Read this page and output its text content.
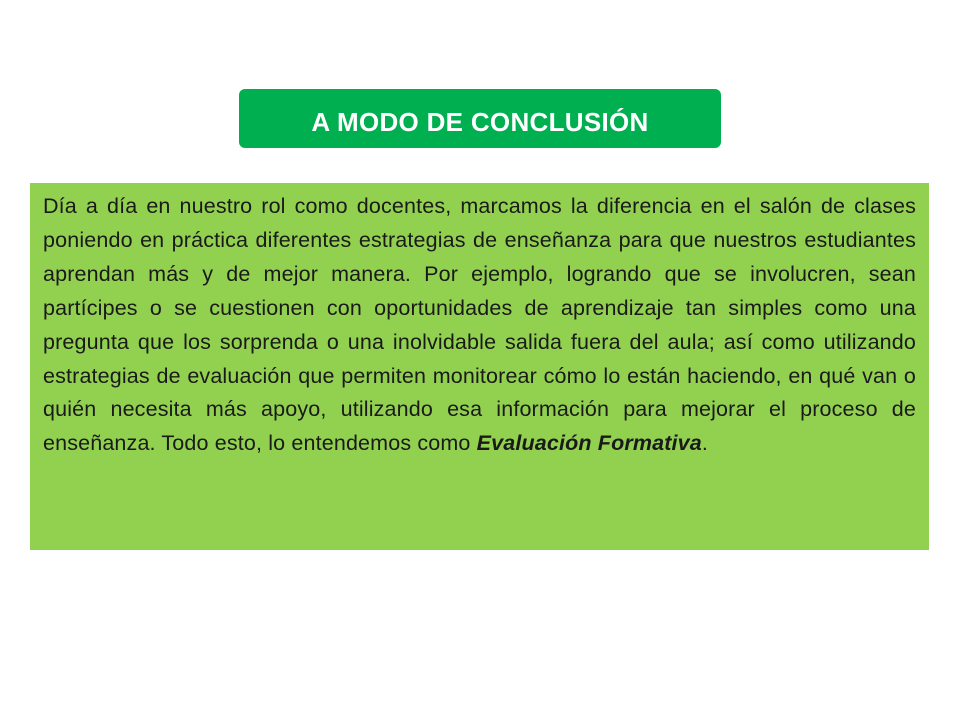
A MODO DE CONCLUSIÓN

Día a día en nuestro rol como docentes, marcamos la diferencia en el salón de clases poniendo en práctica diferentes estrategias de enseñanza para que nuestros estudiantes aprendan más y de mejor manera. Por ejemplo, logrando que se involucren, sean partícipes o se cuestionen con oportunidades de aprendizaje tan simples como una pregunta que los sorprenda o una inolvidable salida fuera del aula; así como utilizando estrategias de evaluación que permiten monitorear cómo lo están haciendo, en qué van o quién necesita más apoyo, utilizando esa información para mejorar el proceso de enseñanza. Todo esto, lo entendemos como Evaluación Formativa.
